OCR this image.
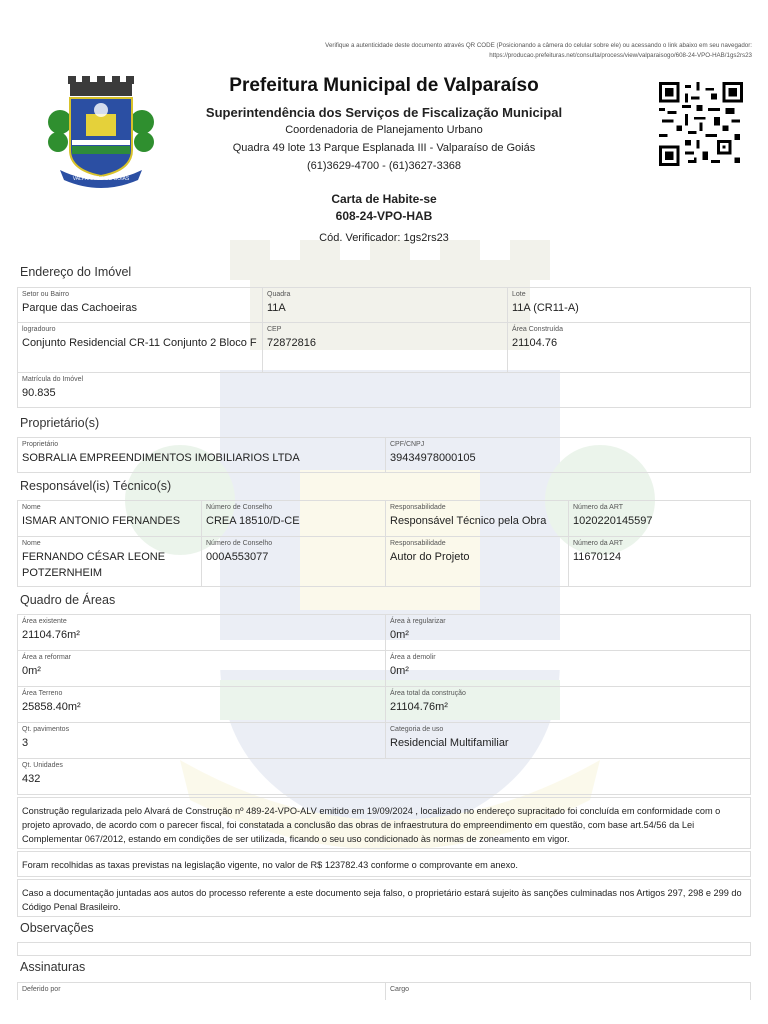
Verifique a autenticidade deste documento através QR CODE (Posicionando a câmera do celular sobre ele) ou acessando o link abaixo em seu navegador:
https://producao.prefeituras.net/consulta/process/view/valparaisogo/608-24-VPO-HAB/1gs2rs23
VALPARAÍSO DE GOIÁS
Prefeitura Municipal de Valparaíso
Superintendência dos Serviços de Fiscalização Municipal
Coordenadoria de Planejamento Urbano
Quadra 49 lote 13 Parque Esplanada III - Valparaíso de Goiás
(61)3629-4700 - (61)3627-3368
Carta de Habite-se
608-24-VPO-HAB
Cód. Verificador: 1gs2rs23
Endereço do Imóvel
Setor ou Bairro
Parque das Cachoeiras
Quadra
11A
Lote
11A (CR11-A)
logradouro
Conjunto Residencial CR-11 Conjunto 2 Bloco F
CEP
72872816
Área Construída
21104.76
Matrícula do Imóvel
90.835
Proprietário(s)
Proprietário
SOBRALIA EMPREENDIMENTOS IMOBILIARIOS LTDA
CPF/CNPJ
39434978000105
Responsável(is) Técnico(s)
Nome
ISMAR ANTONIO FERNANDES
Número de Conselho
CREA 18510/D-CE
Responsabilidade
Responsável Técnico pela Obra
Número da ART
1020220145597
Nome
FERNANDO CÉSAR LEONE POTZERNHEIM
Número de Conselho
000A553077
Responsabilidade
Autor do Projeto
Número da ART
11670124
Quadro de Áreas
Área existente
21104.76m²
Área à regularizar
0m²
Área a reformar
0m²
Área a demolir
0m²
Área Terreno
25858.40m²
Área total da construção
21104.76m²
Qt. pavimentos
3
Categoria de uso
Residencial Multifamiliar
Qt. Unidades
432
Construção regularizada pelo Alvará de Construção nº 489-24-VPO-ALV emitido em 19/09/2024 , localizado no endereço supracitado foi concluída em conformidade com o projeto aprovado, de acordo com o parecer fiscal, foi constatada a conclusão das obras de infraestrutura do empreendimento em questão, com base art.54/56 da Lei Complementar 067/2012, estando em condições de ser utilizada, ficando o seu uso condicionado às normas de zoneamento em vigor.
Foram recolhidas as taxas previstas na legislação vigente, no valor de R$ 123782.43 conforme o comprovante em anexo.
Caso a documentação juntadas aos autos do processo referente a este documento seja falso, o proprietário estará sujeito às sanções culminadas nos Artigos 297, 298 e 299 do Código Penal Brasileiro.
Observações
Assinaturas
Deferido por	Cargo
